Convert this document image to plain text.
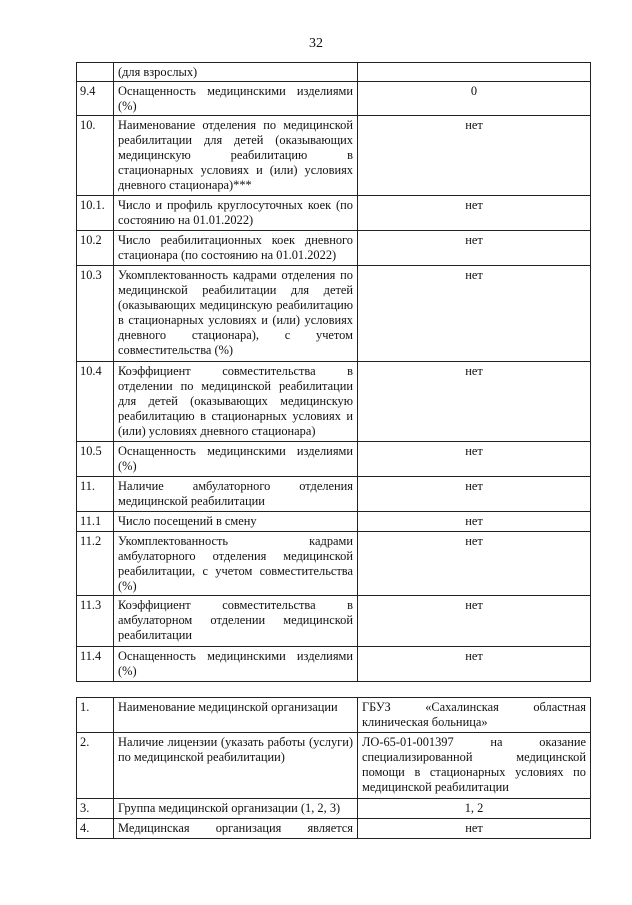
32
	(для взрослых)	
9.4	Оснащенность медицинскими изделиями (%)	0
10.	Наименование отделения по медицинской реабилитации для детей (оказывающих медицинскую реабилитацию в стационарных условиях и (или) условиях дневного стационара)***	нет
10.1.	Число и профиль круглосуточных коек (по состоянию на 01.01.2022)	нет
10.2	Число реабилитационных коек дневного стационара (по состоянию на 01.01.2022)	нет
10.3	Укомплектованность кадрами отделения по медицинской реабилитации для детей (оказывающих медицинскую реабилитацию в стационарных условиях и (или) условиях дневного стационара), с учетом совместительства (%)	нет
10.4	Коэффициент совместительства в отделении по медицинской реабилитации для детей (оказывающих медицинскую реабилитацию в стационарных условиях и (или) условиях дневного стационара)	нет
10.5	Оснащенность медицинскими изделиями (%)	нет
11.	Наличие амбулаторного отделения медицинской реабилитации	нет
11.1	Число посещений в смену	нет
11.2	Укомплектованность кадрами амбулаторного отделения медицинской реабилитации, с учетом совместительства (%)	нет
11.3	Коэффициент совместительства в амбулаторном отделении медицинской реабилитации	нет
11.4	Оснащенность медицинскими изделиями (%)	нет
1.	Наименование медицинской организации	ГБУЗ «Сахалинская областная клиническая больница»
2.	Наличие лицензии (указать работы (услуги) по медицинской реабилитации)	ЛО-65-01-001397 на оказание специализированной медицинской помощи в стационарных условиях по медицинской реабилитации
3.	Группа медицинской организации (1, 2, 3)	1, 2
4.	Медицинская организация является	нет
